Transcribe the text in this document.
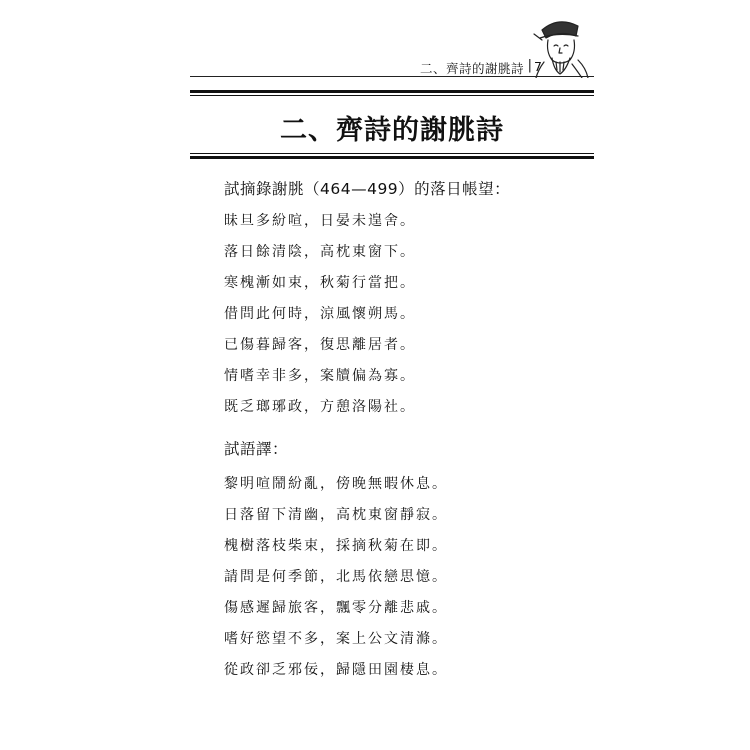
二、齊詩的謝朓詩 | 7
二、齊詩的謝朓詩
試摘錄謝朓（464—499）的落日帳望：
昧旦多紛喧，日晏未遑舍。
落日餘清陰，高枕東窗下。
寒槐漸如束，秋菊行當把。
借問此何時，涼風懷朔馬。
已傷暮歸客，復思離居者。
情嗜幸非多，案牘偏為寡。
既乏瑯琊政，方憩洛陽社。
試語譯：
黎明喧鬧紛亂，傍晚無暇休息。
日落留下清幽，高枕東窗靜寂。
槐樹落枝柴束，採摘秋菊在即。
請問是何季節，北馬依戀思憶。
傷感遲歸旅客，飄零分離悲戚。
嗜好慾望不多，案上公文清滌。
從政卻乏邪佞，歸隱田園棲息。
